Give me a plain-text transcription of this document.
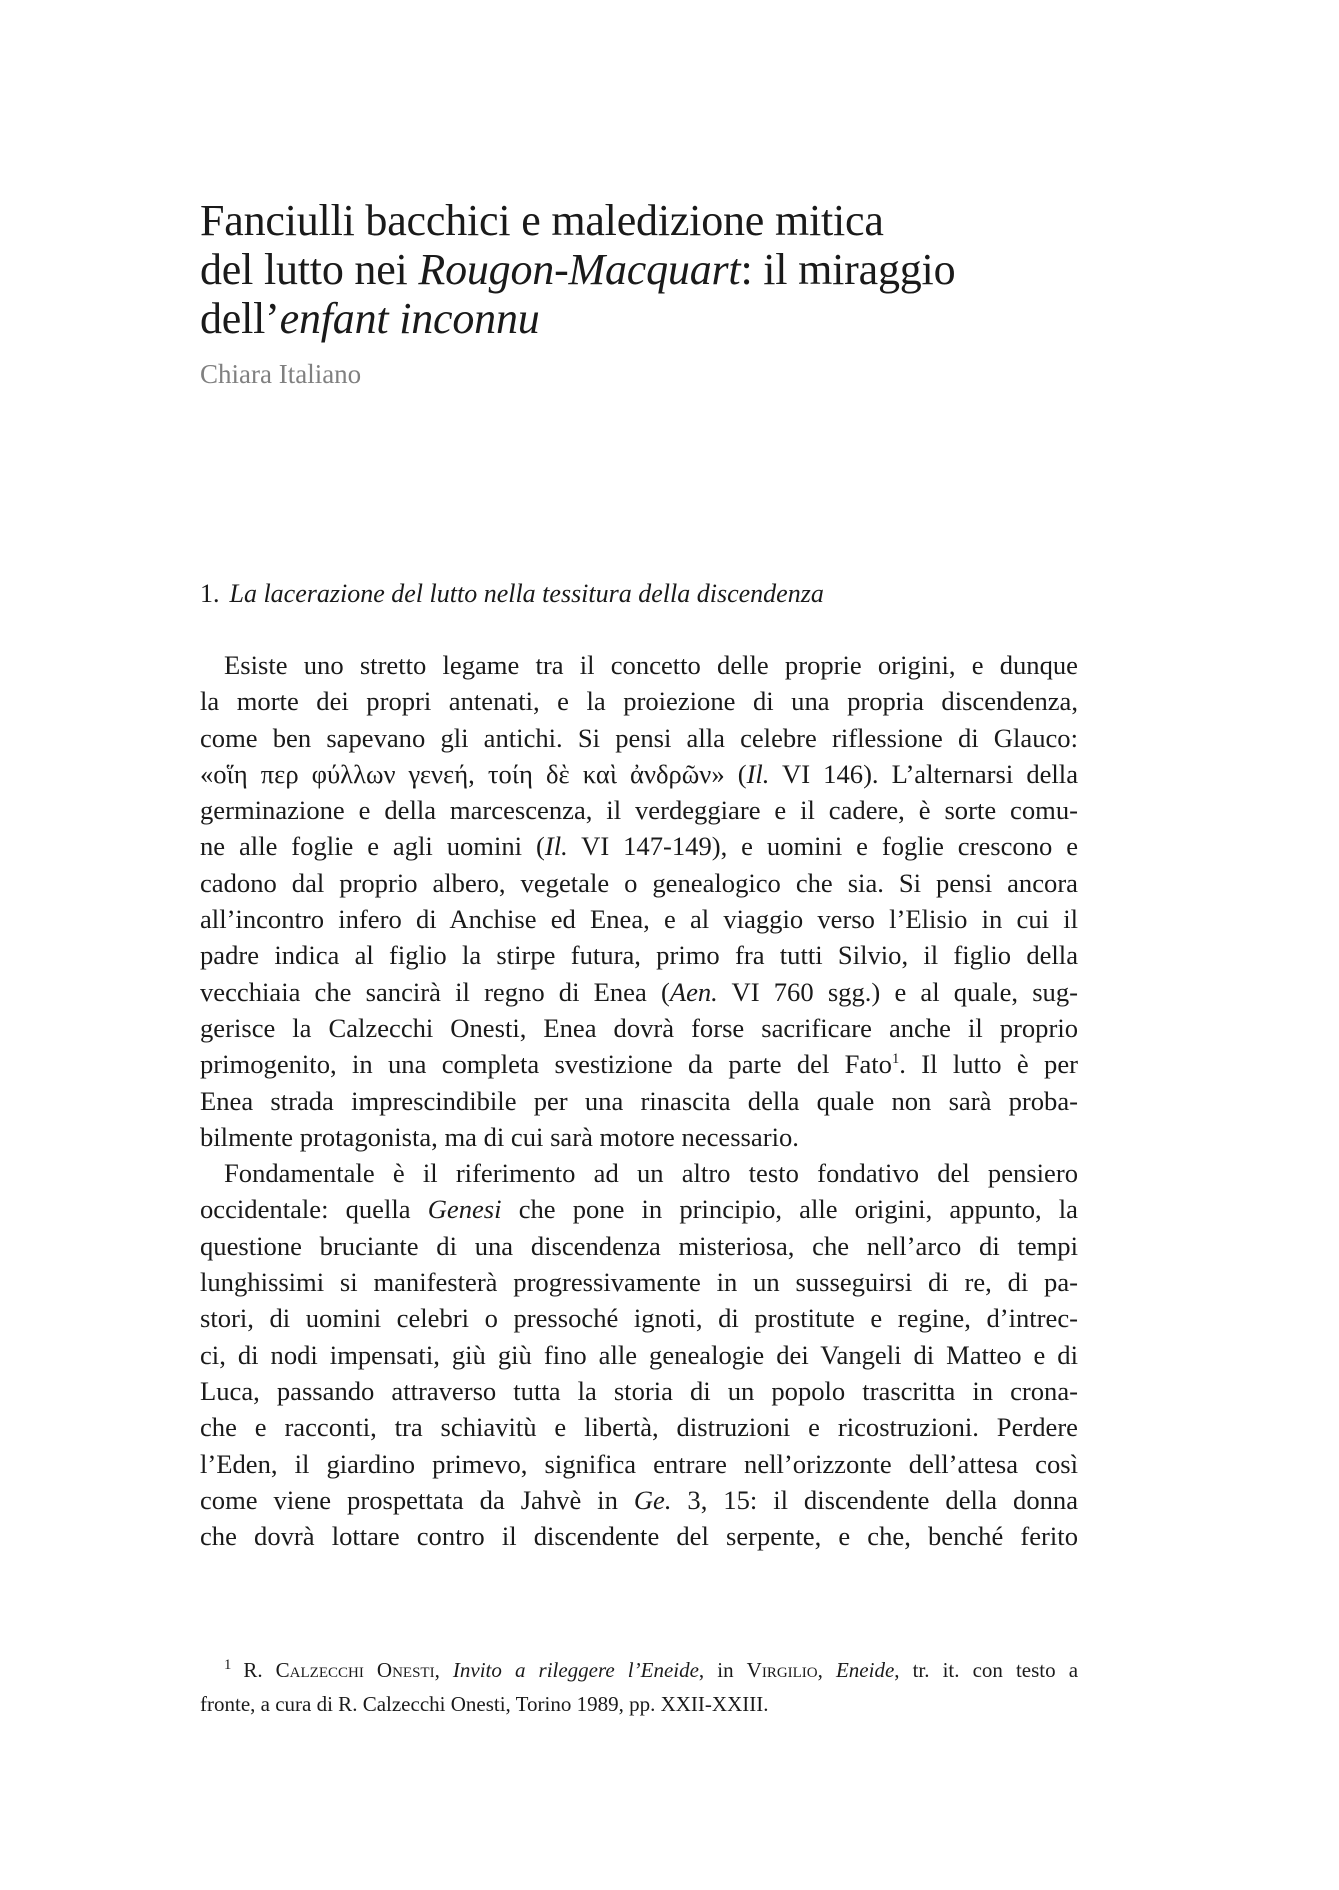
Fanciulli bacchici e maledizione mitica
del lutto nei Rougon-Macquart: il miraggio
dell’enfant inconnu
Chiara Italiano
1. La lacerazione del lutto nella tessitura della discendenza
Esiste uno stretto legame tra il concetto delle proprie origini, e dunque
la morte dei propri antenati, e la proiezione di una propria discendenza,
come ben sapevano gli antichi. Si pensi alla celebre riflessione di Glauco:
«οἵη περ φύλλων γενεή, τοίη δὲ καὶ ἀνδρῶν» (Il. VI 146). L’alternarsi della
germinazione e della marcescenza, il verdeggiare e il cadere, è sorte comu-
ne alle foglie e agli uomini (Il. VI 147-149), e uomini e foglie crescono e
cadono dal proprio albero, vegetale o genealogico che sia. Si pensi ancora
all’incontro infero di Anchise ed Enea, e al viaggio verso l’Elisio in cui il
padre indica al figlio la stirpe futura, primo fra tutti Silvio, il figlio della
vecchiaia che sancirà il regno di Enea (Aen. VI 760 sgg.) e al quale, sug-
gerisce la Calzecchi Onesti, Enea dovrà forse sacrificare anche il proprio
primogenito, in una completa svestizione da parte del Fato$^1$. Il lutto è per
Enea strada imprescindibile per una rinascita della quale non sarà proba-
bilmente protagonista, ma di cui sarà motore necessario.
Fondamentale è il riferimento ad un altro testo fondativo del pensiero
occidentale: quella Genesi che pone in principio, alle origini, appunto, la
questione bruciante di una discendenza misteriosa, che nell’arco di tempi
lunghissimi si manifesterà progressivamente in un susseguirsi di re, di pa-
stori, di uomini celebri o pressoché ignoti, di prostitute e regine, d’intrec-
ci, di nodi impensati, giù giù fino alle genealogie dei Vangeli di Matteo e di
Luca, passando attraverso tutta la storia di un popolo trascritta in crona-
che e racconti, tra schiavitù e libertà, distruzioni e ricostruzioni. Perdere
l’Eden, il giardino primevo, significa entrare nell’orizzonte dell’attesa così
come viene prospettata da Jahvè in Ge. 3, 15: il discendente della donna
che dovrà lottare contro il discendente del serpente, e che, benché ferito
$^1$ R. Calzecchi Onesti, Invito a rileggere l’Eneide, in Virgilio, Eneide, tr. it. con testo a
fronte, a cura di R. Calzecchi Onesti, Torino 1989, pp. XXII-XXIII.
